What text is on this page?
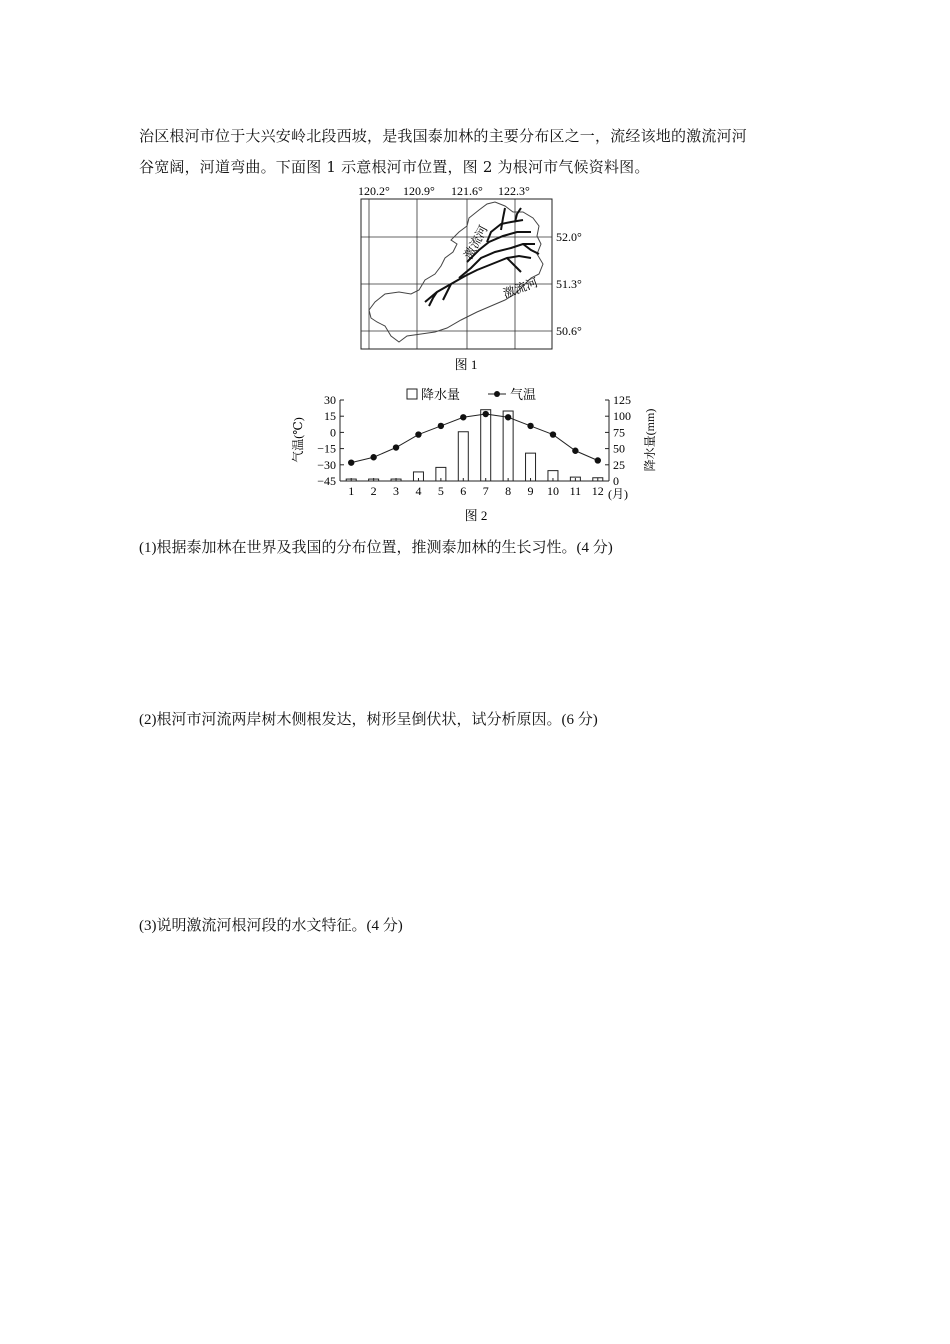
治区根河市位于大兴安岭北段西坡，是我国泰加林的主要分布区之一，流经该地的激流河河

谷宽阔，河道弯曲。下面图 1 示意根河市位置，图 2 为根河市气候资料图。

120.2° 120.9° 121.6° 122.3°
激流河
激流河
52.0°
51.3°
50.6°
图 1
降水量	气温
气温(℃)	降水量(mm)
30
15
0
−15
−30
−45
125
100
75
50
25
0
1 2 3 4 5 6 7 8 9 10 11 12 (月)
图 2
(1)根据泰加林在世界及我国的分布位置，推测泰加林的生长习性。(4 分)
(2)根河市河流两岸树木侧根发达，树形呈倒伏状，试分析原因。(6 分)
(3)说明激流河根河段的水文特征。(4 分)
